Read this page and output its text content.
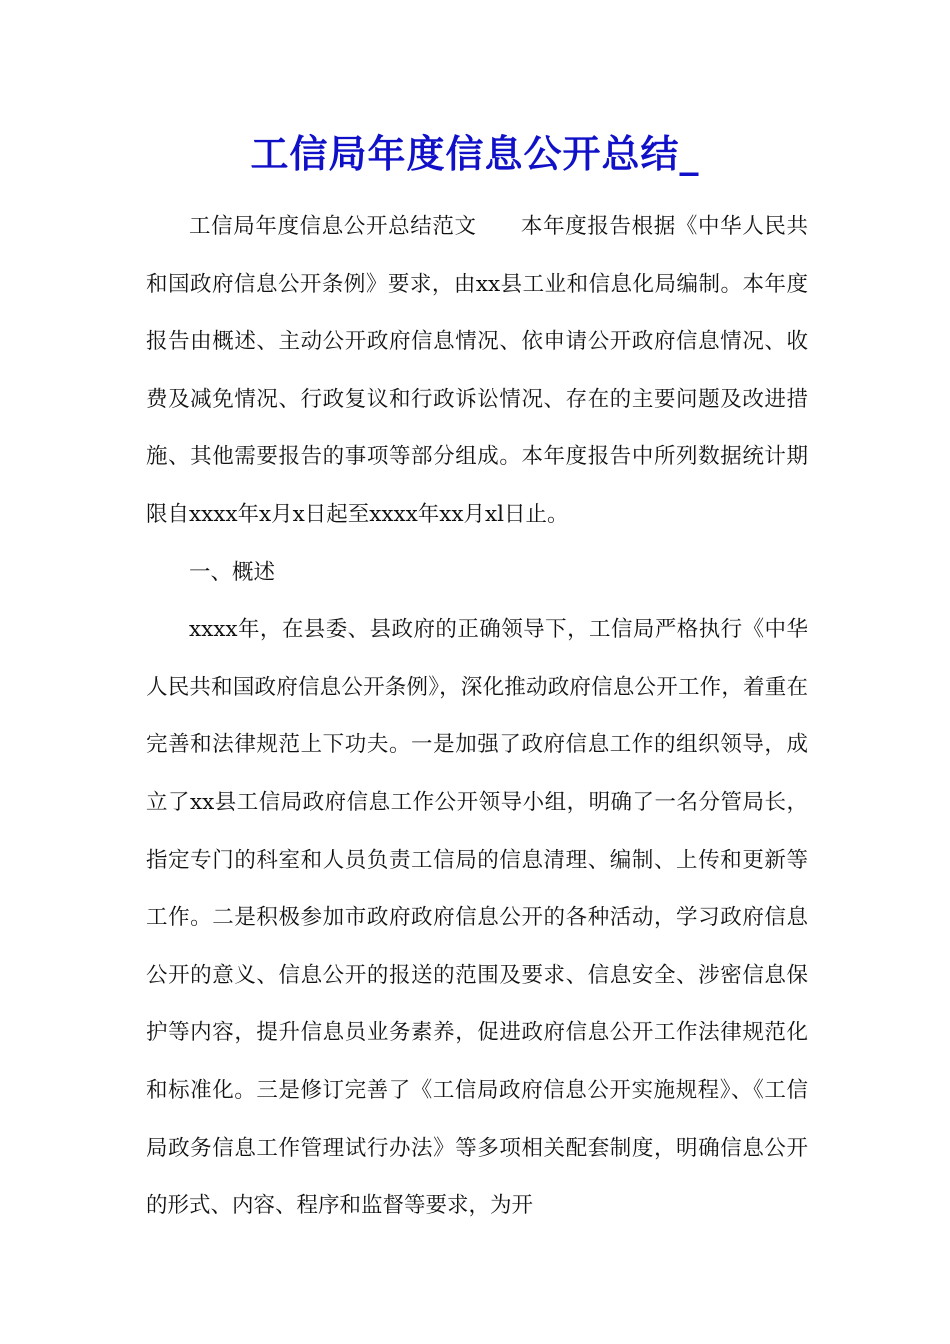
工信局年度信息公开总结_

工信局年度信息公开总结范文　　本年度报告根据《中华人民共和国政府信息公开条例》要求，由xx县工业和信息化局编制。本年度报告由概述、主动公开政府信息情况、依申请公开政府信息情况、收费及减免情况、行政复议和行政诉讼情况、存在的主要问题及改进措施、其他需要报告的事项等部分组成。本年度报告中所列数据统计期限自xxxx年x月x日起至xxxx年xx月xl日止。

一、概述

xxxx年，在县委、县政府的正确领导下，工信局严格执行《中华人民共和国政府信息公开条例》，深化推动政府信息公开工作，着重在完善和法律规范上下功夫。一是加强了政府信息工作的组织领导，成立了xx县工信局政府信息工作公开领导小组，明确了一名分管局长，指定专门的科室和人员负责工信局的信息清理、编制、上传和更新等工作。二是积极参加市政府政府信息公开的各种活动，学习政府信息公开的意义、信息公开的报送的范围及要求、信息安全、涉密信息保护等内容，提升信息员业务素养，促进政府信息公开工作法律规范化和标准化。三是修订完善了《工信局政府信息公开实施规程》、《工信局政务信息工作管理试行办法》等多项相关配套制度，明确信息公开的形式、内容、程序和监督等要求，为开
